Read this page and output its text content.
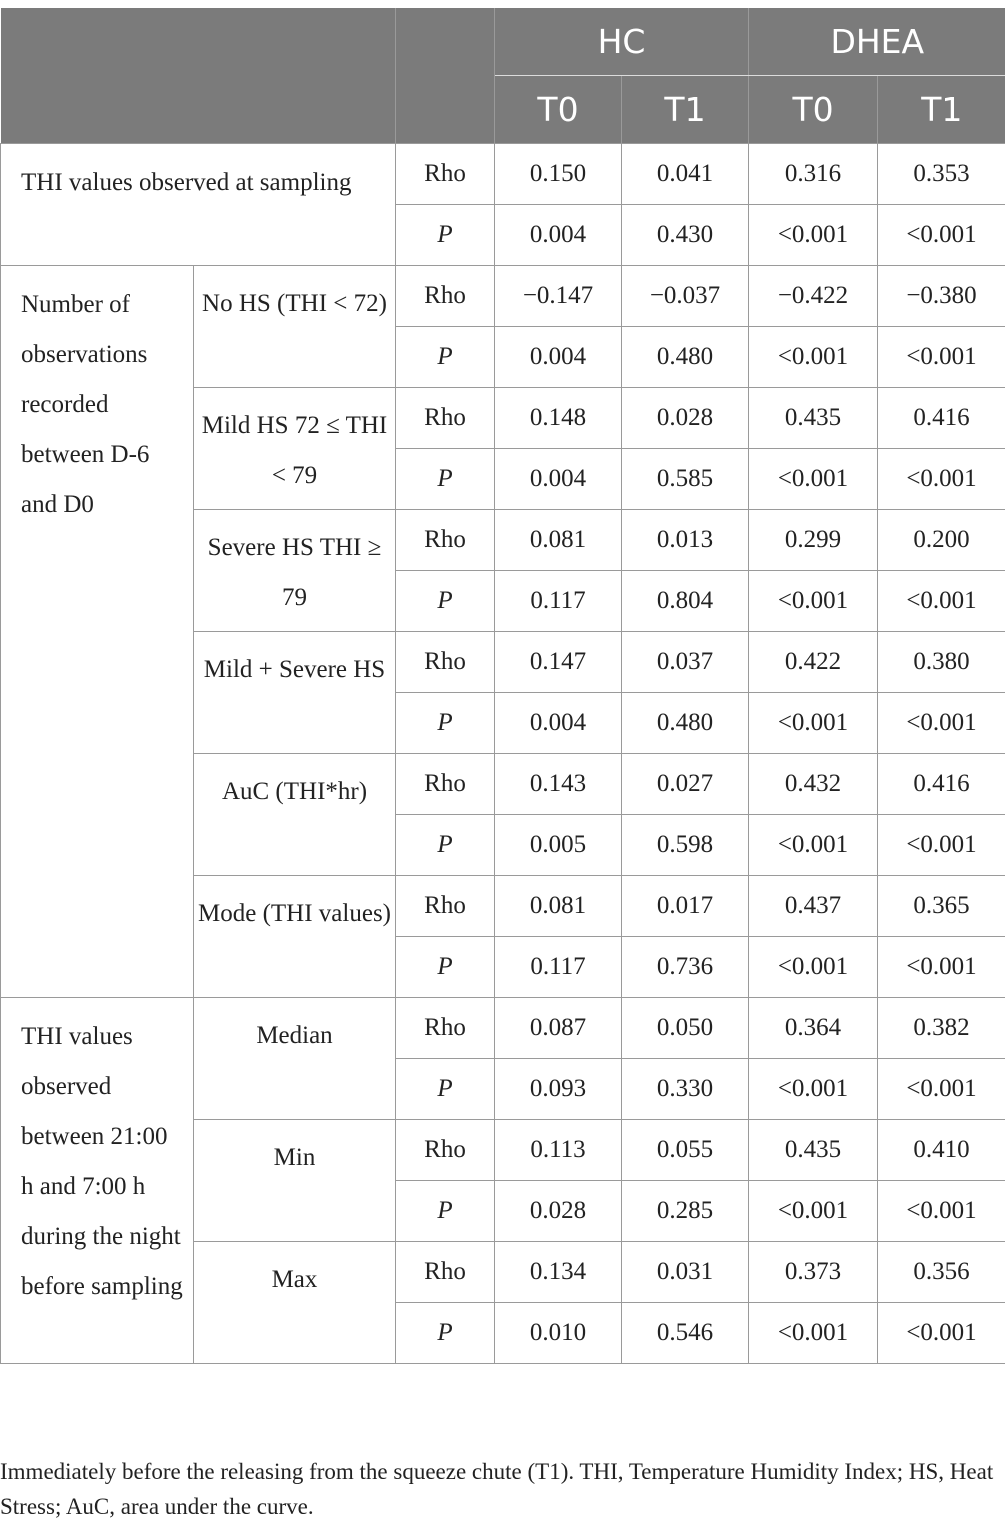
			HC		DHEA	
			T0	T1	T0	T1
THI values observed at sampling		Rho	0.150	0.041	0.316	0.353
		P	0.004	0.430	<0.001	<0.001
Number of observations recorded between D-6 and D0	No HS (THI < 72)	Rho	−0.147	−0.037	−0.422	−0.380
		P	0.004	0.480	<0.001	<0.001
	Mild HS 72 ≤ THI < 79	Rho	0.148	0.028	0.435	0.416
		P	0.004	0.585	<0.001	<0.001
	Severe HS THI ≥ 79	Rho	0.081	0.013	0.299	0.200
		P	0.117	0.804	<0.001	<0.001
	Mild + Severe HS	Rho	0.147	0.037	0.422	0.380
		P	0.004	0.480	<0.001	<0.001
	AuC (THI*hr)	Rho	0.143	0.027	0.432	0.416
		P	0.005	0.598	<0.001	<0.001
	Mode (THI values)	Rho	0.081	0.017	0.437	0.365
		P	0.117	0.736	<0.001	<0.001
THI values observed between 21:00 h and 7:00 h during the night before sampling	Median	Rho	0.087	0.050	0.364	0.382
		P	0.093	0.330	<0.001	<0.001
	Min	Rho	0.113	0.055	0.435	0.410
		P	0.028	0.285	<0.001	<0.001
	Max	Rho	0.134	0.031	0.373	0.356
		P	0.010	0.546	<0.001	<0.001
Immediately before the releasing from the squeeze chute (T1). THI, Temperature Humidity Index; HS, Heat Stress; AuC, area under the curve.
